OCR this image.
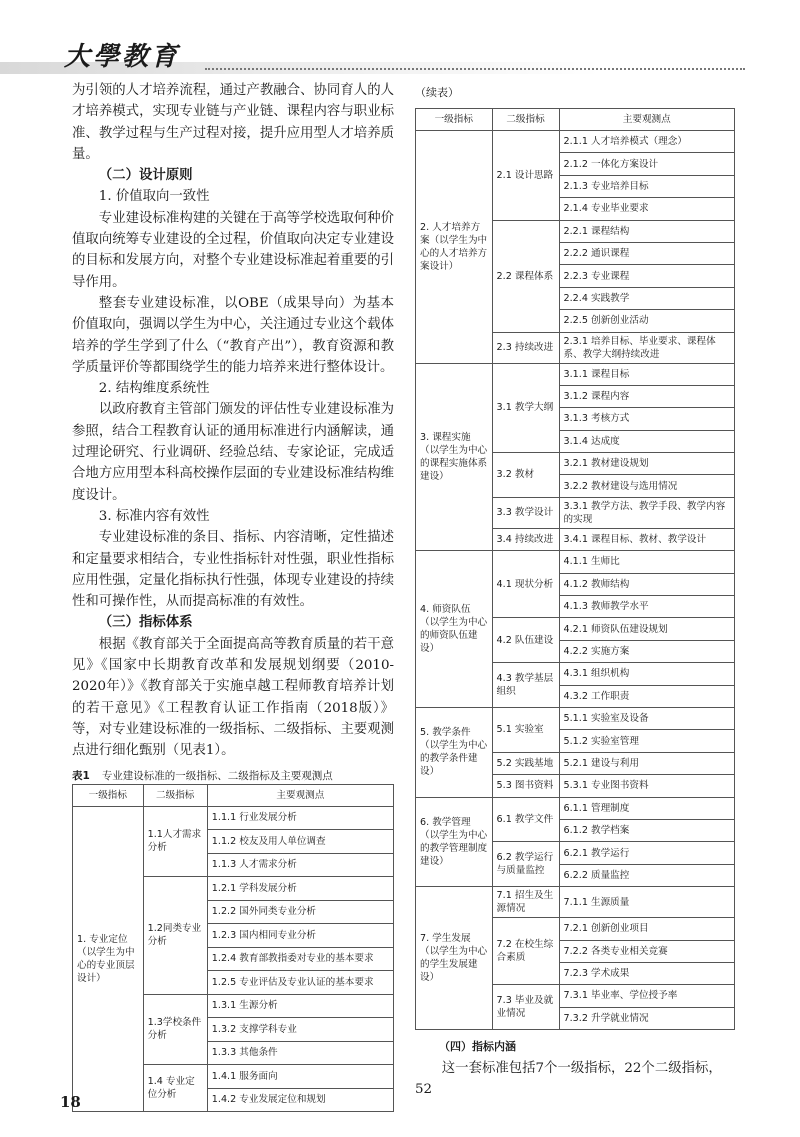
大學教育

为引领的人才培养流程，通过产教融合、协同育人的人才培养模式，实现专业链与产业链、课程内容与职业标准、教学过程与生产过程对接，提升应用型人才培养质量。

（二）设计原则

1. 价值取向一致性

专业建设标准构建的关键在于高等学校选取何种价值取向统筹专业建设的全过程，价值取向决定专业建设的目标和发展方向，对整个专业建设标准起着重要的引导作用。

整套专业建设标准，以OBE（成果导向）为基本价值取向，强调以学生为中心，关注通过专业这个载体培养的学生学到了什么（“教育产出”），教育资源和教学质量评价等都围绕学生的能力培养来进行整体设计。

2. 结构维度系统性

以政府教育主管部门颁发的评估性专业建设标准为参照，结合工程教育认证的通用标准进行内涵解读，通过理论研究、行业调研、经验总结、专家论证，完成适合地方应用型本科高校操作层面的专业建设标准结构维度设计。

3. 标准内容有效性

专业建设标准的条目、指标、内容清晰，定性描述和定量要求相结合，专业性指标针对性强，职业性指标应用性强，定量化指标执行性强，体现专业建设的持续性和可操作性，从而提高标准的有效性。

（三）指标体系

根据《教育部关于全面提高高等教育质量的若干意见》《国家中长期教育改革和发展规划纲要（2010-2020年）》《教育部关于实施卓越工程师教育培养计划的若干意见》《工程教育认证工作指南（2018版）》等，对专业建设标准的一级指标、二级指标、主要观测点进行细化甄别（见表1）。

表1 专业建设标准的一级指标、二级指标及主要观测点
一级指标	二级指标	主要观测点
1. 专业定位（以学生为中心的专业顶层设计）	1.1人才需求分析	1.1.1 行业发展分析
		1.1.2 校友及用人单位调查
		1.1.3 人才需求分析
	1.2同类专业分析	1.2.1 学科发展分析
		1.2.2 国外同类专业分析
		1.2.3 国内相同专业分析
		1.2.4 教育部教指委对专业的基本要求
		1.2.5 专业评估及专业认证的基本要求
	1.3学校条件分析	1.3.1 生源分析
		1.3.2 支撑学科专业
		1.3.3 其他条件
	1.4 专业定位分析	1.4.1 服务面向
		1.4.2 专业发展定位和规划

（续表）

一级指标	二级指标	主要观测点
2. 人才培养方案（以学生为中心的人才培养方案设计）	2.1 设计思路	2.1.1 人才培养模式（理念）
		2.1.2 一体化方案设计
		2.1.3 专业培养目标
		2.1.4 专业毕业要求
	2.2 课程体系	2.2.1 课程结构
		2.2.2 通识课程
		2.2.3 专业课程
		2.2.4 实践教学
		2.2.5 创新创业活动
	2.3 持续改进	2.3.1 培养目标、毕业要求、课程体系、教学大纲持续改进
3. 课程实施（以学生为中心的课程实施体系建设）	3.1 教学大纲	3.1.1 课程目标
		3.1.2 课程内容
		3.1.3 考核方式
		3.1.4 达成度
	3.2 教材	3.2.1 教材建设规划
		3.2.2 教材建设与选用情况
	3.3 教学设计	3.3.1 教学方法、教学手段、教学内容的实现
	3.4 持续改进	3.4.1 课程目标、教材、教学设计
4. 师资队伍（以学生为中心的师资队伍建设）	4.1 现状分析	4.1.1 生师比
		4.1.2 教师结构
		4.1.3 教师教学水平
	4.2 队伍建设	4.2.1 师资队伍建设规划
		4.2.2 实施方案
	4.3 教学基层组织	4.3.1 组织机构
		4.3.2 工作职责
5. 教学条件（以学生为中心的教学条件建设）	5.1 实验室	5.1.1 实验室及设备
		5.1.2 实验室管理
	5.2 实践基地	5.2.1 建设与利用
	5.3 图书资料	5.3.1 专业图书资料
6. 教学管理（以学生为中心的教学管理制度建设）	6.1 教学文件	6.1.1 管理制度
		6.1.2 教学档案
	6.2 教学运行与质量监控	6.2.1 教学运行
		6.2.2 质量监控
7. 学生发展（以学生为中心的学生发展建设）	7.1 招生及生源情况	7.1.1 生源质量
	7.2 在校生综合素质	7.2.1 创新创业项目
		7.2.2 各类专业相关竞赛
		7.2.3 学术成果
	7.3 毕业及就业情况	7.3.1 毕业率、学位授予率
		7.3.2 升学就业情况

（四）指标内涵

这一套标准包括7个一级指标，22个二级指标，52

18
